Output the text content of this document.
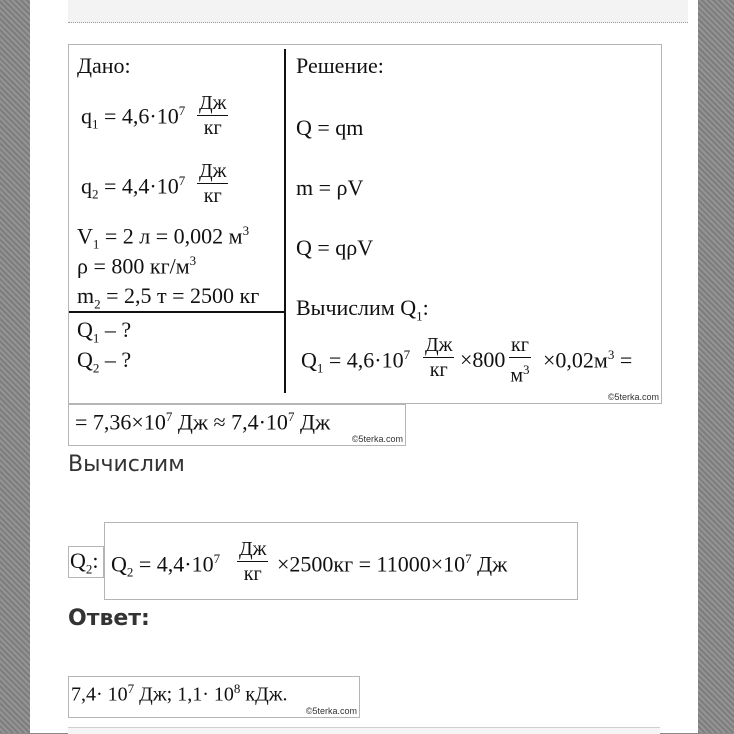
Дано:
$q_1 = 4,6\cdot 10^7$ Дж
кг
$q_2 = 4,4\cdot 10^7$ Дж
кг
$V_1 = 2$ л = 0,002 $м^3$
ρ = 800 $кг/м^3$
$m_2 = 2,5$ т = 2500 кг
$Q_1$ – ?
$Q_2$ – ?
Решение:
Q = qm
m = ρV
Q = qρV
Вычислим $Q_1$:
$Q_1 = 4,6\cdot 10^7$ Дж
кг ×800
кг
$м^3 \times 0,02м^3$ =
©5terka.com
= $7,36\times 10^7$ Дж ≈ $7,4\cdot 10^7$ Дж
©5terka.com
Вычислим
$Q_2$: $Q_2 = 4,4\cdot 10^7$ Дж
кг $\times 2500кг = 11000\times 10^7$ Дж
Ответ:
$7,4\cdot 10^7$ Дж; $1,1\cdot 10^8$ кДж.
©5terka.com
